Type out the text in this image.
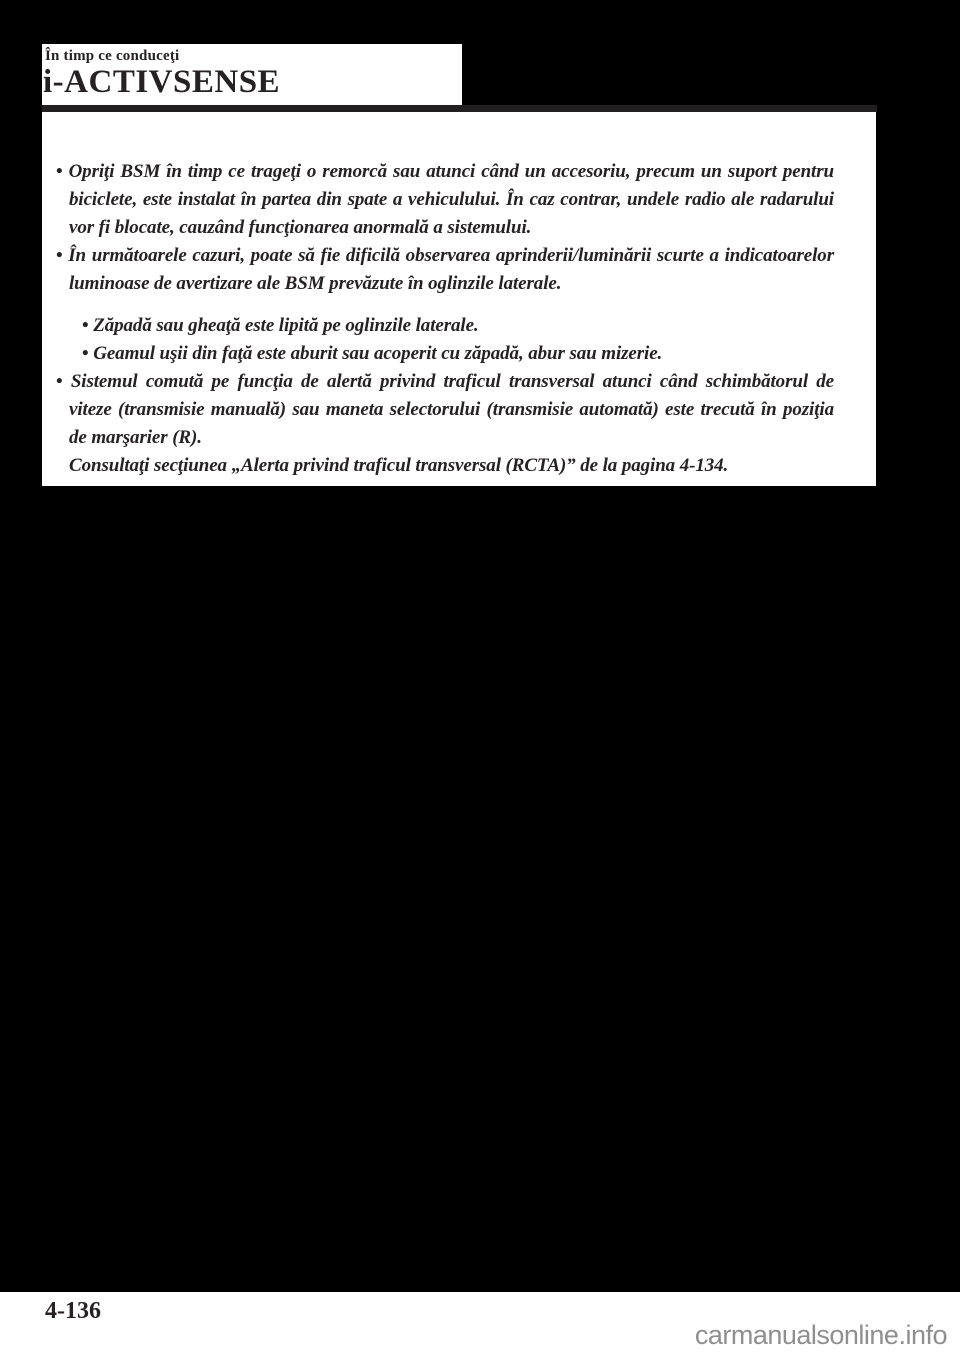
În timp ce conduceţi
i-ACTIVSENSE
• Opriţi BSM în timp ce trageţi o remorcă sau atunci când un accesoriu, precum un suport pentru biciclete, este instalat în partea din spate a vehiculului. În caz contrar, undele radio ale radarului vor fi blocate, cauzând funcţionarea anormală a sistemului.
• În următoarele cazuri, poate să fie dificilă observarea aprinderii/luminării scurte a indicatoarelor luminoase de avertizare ale BSM prevăzute în oglinzile laterale.
• Zăpadă sau gheaţă este lipită pe oglinzile laterale.
• Geamul uşii din faţă este aburit sau acoperit cu zăpadă, abur sau mizerie.
• Sistemul comută pe funcţia de alertă privind traficul transversal atunci când schimbătorul de viteze (transmisie manuală) sau maneta selectorului (transmisie automată) este trecută în poziţia de marşarier (R).
Consultaţi secţiunea „Alerta privind traficul transversal (RCTA)” de la pagina 4-134.
4-136
carmanualsonline.info
